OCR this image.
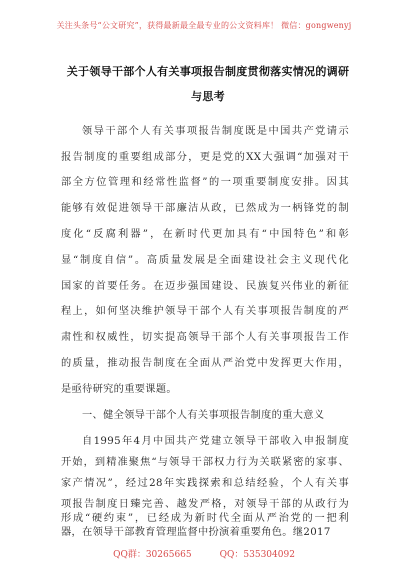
关注头条号“公文研究”，获得最新最全最专业的公文资料库！ 微信：gongwenyj
关于领导干部个人有关事项报告制度贯彻落实情况的调研
与思考
领导干部个人有关事项报告制度既是中国共产党请示
报告制度的重要组成部分，更是党的XX大强调“加强对干
部全方位管理和经常性监督”的一项重要制度安排。因其
能够有效促进领导干部廉洁从政，已然成为一柄锋党的制
度化“反腐利器”，在新时代更加具有“中国特色”和彰
显“制度自信”。高质量发展是全面建设社会主义现代化
国家的首要任务。在迈步强国建设、民族复兴伟业的新征
程上，如何坚决维护领导干部个人有关事项报告制度的严
肃性和权威性，切实提高领导干部个人有关事项报告工作
的质量，推动报告制度在全面从严治党中发挥更大作用，
是亟待研究的重要课题。
一、健全领导干部个人有关事项报告制度的重大意义
自1995年4月中国共产党建立领导干部收入申报制度
开始，到精准聚焦“与领导干部权力行为关联紧密的家事、
家产情况”，经过28年实践探索和总结经验，个人有关事
项报告制度日臻完善、越发严格，对领导干部的从政行为
QQ群：30265665	QQ：535304092
形成“硬约束”，已经成为新时代全面从严治党的一把利
器，在领导干部教育管理监督中扮演着重要角色。继2017
